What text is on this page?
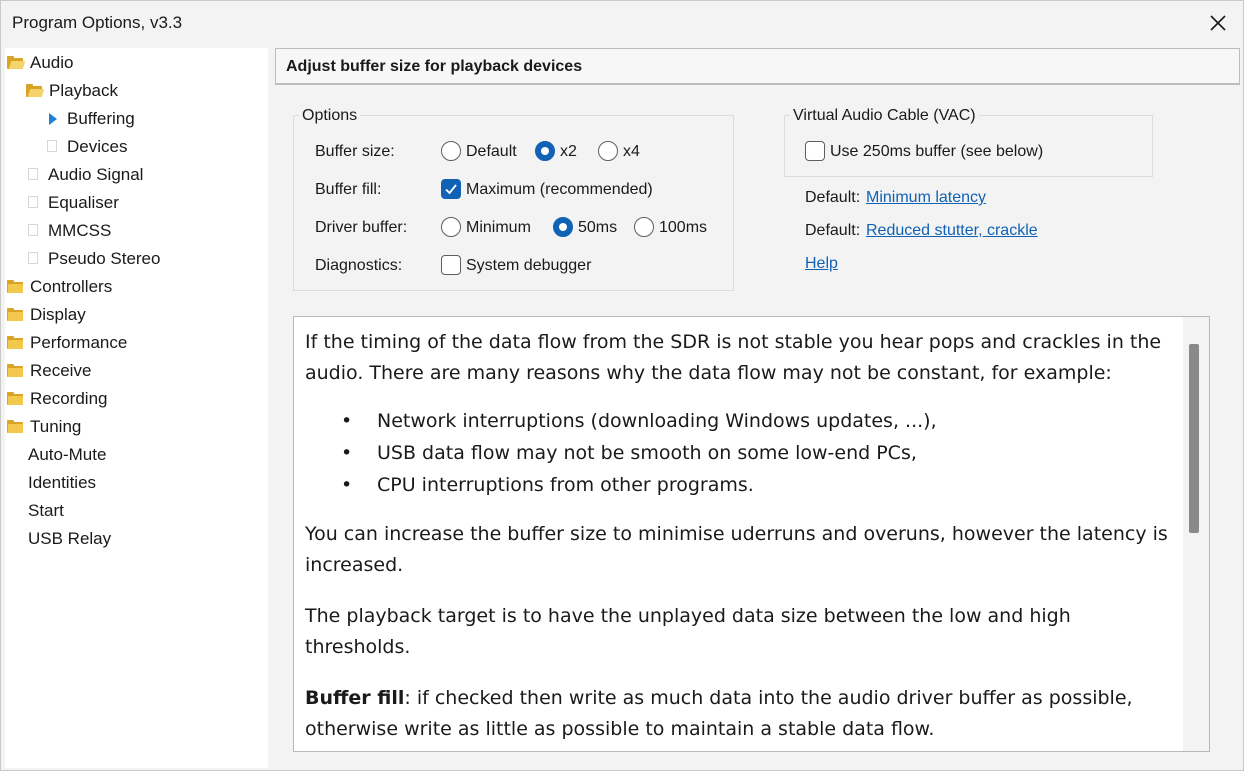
Program Options, v3.3
Audio
Playback
Buffering
Devices
Audio Signal
Equaliser
MMCSS
Pseudo Stereo
Controllers
Display
Performance
Receive
Recording
Tuning
Auto-Mute
Identities
Start
USB Relay
Adjust buffer size for playback devices
Options
Buffer size:	Default	x2	x4
Buffer fill:	Maximum (recommended)
Driver buffer:	Minimum	50ms	100ms
Diagnostics:	System debugger
Virtual Audio Cable (VAC)
Use 250ms buffer (see below)
Default: Minimum latency
Default: Reduced stutter, crackle
Help

If the timing of the data flow from the SDR is not stable you hear pops and crackles in the audio. There are many reasons why the data flow may not be constant, for example:

• Network interruptions (downloading Windows updates, ...),
• USB data flow may not be smooth on some low-end PCs,
• CPU interruptions from other programs.

You can increase the buffer size to minimise uderruns and overuns, however the latency is increased.

The playback target is to have the unplayed data size between the low and high thresholds.

Buffer fill: if checked then write as much data into the audio driver buffer as possible, otherwise write as little as possible to maintain a stable data flow.
